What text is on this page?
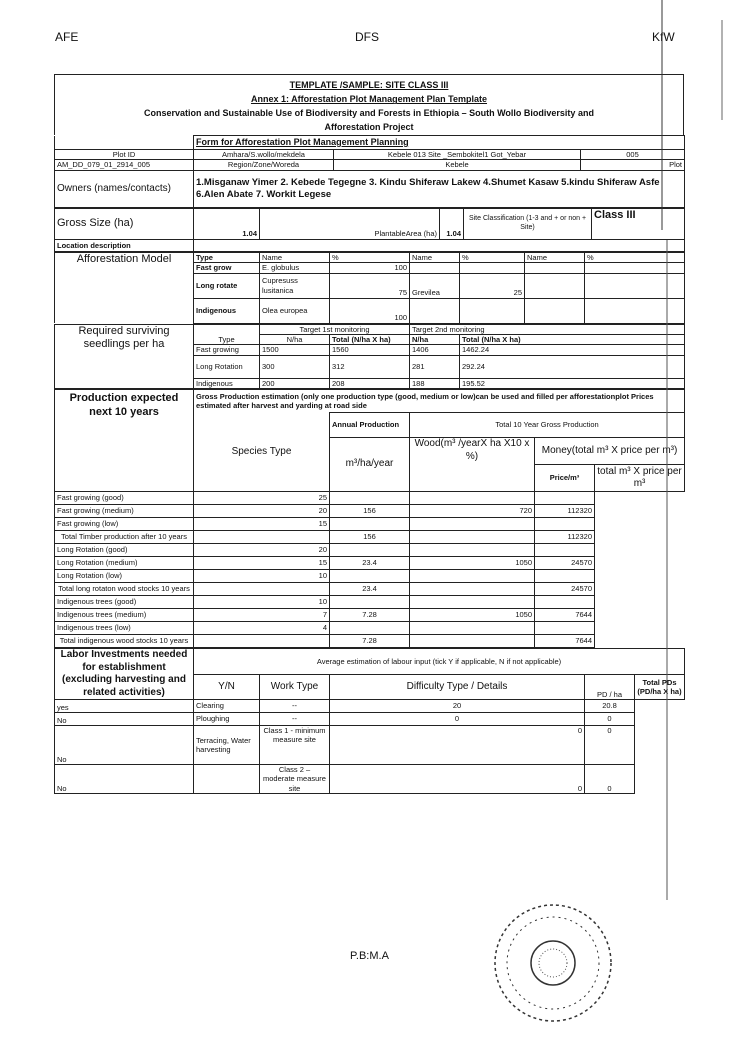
AFE	DFS	KfW
TEMPLATE /SAMPLE: SITE CLASS III
Annex 1: Afforestation Plot Management Plan Template
Conservation and Sustainable Use of Biodiversity and Forests in Ethiopia – South Wollo Biodiversity and
Afforestation Project
	Form for Afforestation Plot Management Planning		
Plot ID	Amhara/S.wollo/mekdela	Kebele 013 Site _Sembokitel1 Got_Yebar	005
AM_DD_079_01_2914_005	Region/Zone/Woreda	Kebele	Plot
Owners (names/contacts)	1.Misganaw Yimer 2. Kebede Tegegne 3. Kindu Shiferaw Lakew 4.Shumet Kasaw 5.kindu Shiferaw Asfe 6.Alen Abate 7. Workit Legese		
Gross Size (ha)	1.04	PlantableArea (ha)	1.04	Site Classification (1-3 and + or non + Site)	Class III
Location description					
Afforestation Model	Type	Name	%	Name	%	Name	%
	Fast grow	E. globulus	100				
	Long rotate	Cupresuss lusitanica	75	Grevilea	25		
	Indigenous	Olea europea	100				
Required surviving seedlings per ha		Target 1st monitoring		Target 2nd monitoring	
	Type	N/ha	Total (N/ha X ha)	N/ha	Total (N/ha X ha)
	Fast growing	1500	1560	1406	1462.24
	Long Rotation	300	312	281	292.24
	Indigenous	200	208	188	195.52
Production expected next 10 years	Gross Production estimation (only one production type (good, medium or low)can be used and filled per afforestationplot Prices estimated after harvest and yarding at road side				
	Species Type	Annual Production	Total 10 Year Gross Production		
		m³/ha/year	Wood(m³ /yearX ha X10 x %)	Money(total m³ X price per m³)	
				Price/m³	total m³ X price per m³
Fast growing (good)	25				
Fast growing (medium)	20	156	720	112320	
Fast growing (low)	15				
Total Timber production after 10 years		156		112320	
Long Rotation (good)	20				
Long Rotation (medium)	15	23.4	1050	24570	
Long Rotation (low)	10				
Total long rotaton wood stocks 10 years		23.4		24570	
Indigenous trees (good)	10				
Indigenous trees (medium)	7	7.28	1050	7644	
Indigenous trees (low)	4				
Total indigenous wood stocks 10 years		7.28		7644	
Labor Investments needed for establishment (excluding harvesting and related activities)	Average estimation of labour input (tick Y if applicable, N if not applicable)				
	Y/N	Work Type	Difficulty Type / Details	PD / ha	Total PDs (PD/ha X ha)
yes	Clearing	--	20	20.8	
No	Ploughing	--	0	0	
No	Terracing, Water harvesting	Class 1 - minimum measure site	0	0	
No		Class 2 – moderate measure site	0	0	
P.B:M.A
